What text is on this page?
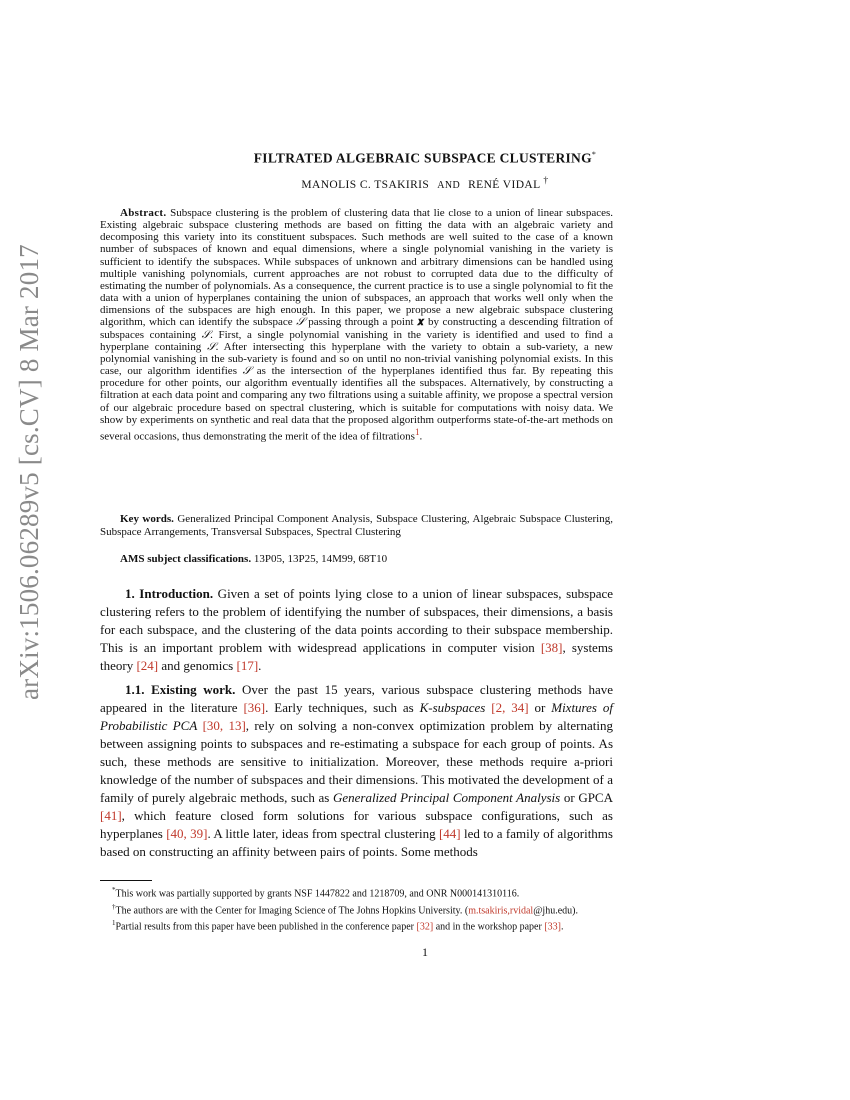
arXiv:1506.06289v5 [cs.CV] 8 Mar 2017
FILTRATED ALGEBRAIC SUBSPACE CLUSTERING*
MANOLIS C. TSAKIRIS AND RENÉ VIDAL †
Abstract. Subspace clustering is the problem of clustering data that lie close to a union of linear subspaces. Existing algebraic subspace clustering methods are based on fitting the data with an algebraic variety and decomposing this variety into its constituent subspaces. Such methods are well suited to the case of a known number of subspaces of known and equal dimensions, where a single polynomial vanishing in the variety is sufficient to identify the subspaces. While subspaces of unknown and arbitrary dimensions can be handled using multiple vanishing polynomials, current approaches are not robust to corrupted data due to the difficulty of estimating the number of polynomials. As a consequence, the current practice is to use a single polynomial to fit the data with a union of hyperplanes containing the union of subspaces, an approach that works well only when the dimensions of the subspaces are high enough. In this paper, we propose a new algebraic subspace clustering algorithm, which can identify the subspace 𝒮 passing through a point 𝒙 by constructing a descending filtration of subspaces containing 𝒮. First, a single polynomial vanishing in the variety is identified and used to find a hyperplane containing 𝒮. After intersecting this hyperplane with the variety to obtain a sub-variety, a new polynomial vanishing in the sub-variety is found and so on until no non-trivial vanishing polynomial exists. In this case, our algorithm identifies 𝒮 as the intersection of the hyperplanes identified thus far. By repeating this procedure for other points, our algorithm eventually identifies all the subspaces. Alternatively, by constructing a filtration at each data point and comparing any two filtrations using a suitable affinity, we propose a spectral version of our algebraic procedure based on spectral clustering, which is suitable for computations with noisy data. We show by experiments on synthetic and real data that the proposed algorithm outperforms state-of-the-art methods on several occasions, thus demonstrating the merit of the idea of filtrations$^1$.
Key words. Generalized Principal Component Analysis, Subspace Clustering, Algebraic Subspace Clustering, Subspace Arrangements, Transversal Subspaces, Spectral Clustering
AMS subject classifications. 13P05, 13P25, 14M99, 68T10
1. Introduction. Given a set of points lying close to a union of linear subspaces, subspace clustering refers to the problem of identifying the number of subspaces, their dimensions, a basis for each subspace, and the clustering of the data points according to their subspace membership. This is an important problem with widespread applications in computer vision [38], systems theory [24] and genomics [17].
1.1. Existing work. Over the past 15 years, various subspace clustering methods have appeared in the literature [36]. Early techniques, such as K-subspaces [2, 34] or Mixtures of Probabilistic PCA [30, 13], rely on solving a non-convex optimization problem by alternating between assigning points to subspaces and re-estimating a subspace for each group of points. As such, these methods are sensitive to initialization. Moreover, these methods require a-priori knowledge of the number of subspaces and their dimensions. This motivated the development of a family of purely algebraic methods, such as Generalized Principal Component Analysis or GPCA [41], which feature closed form solutions for various subspace configurations, such as hyperplanes [40, 39]. A little later, ideas from spectral clustering [44] led to a family of algorithms based on constructing an affinity between pairs of points. Some methods

*This work was partially supported by grants NSF 1447822 and 1218709, and ONR N000141310116.

†The authors are with the Center for Imaging Science of The Johns Hopkins University. (m.tsakiris,rvidal@jhu.edu).

$^1$Partial results from this paper have been published in the conference paper [32] and in the workshop paper [33].

1
